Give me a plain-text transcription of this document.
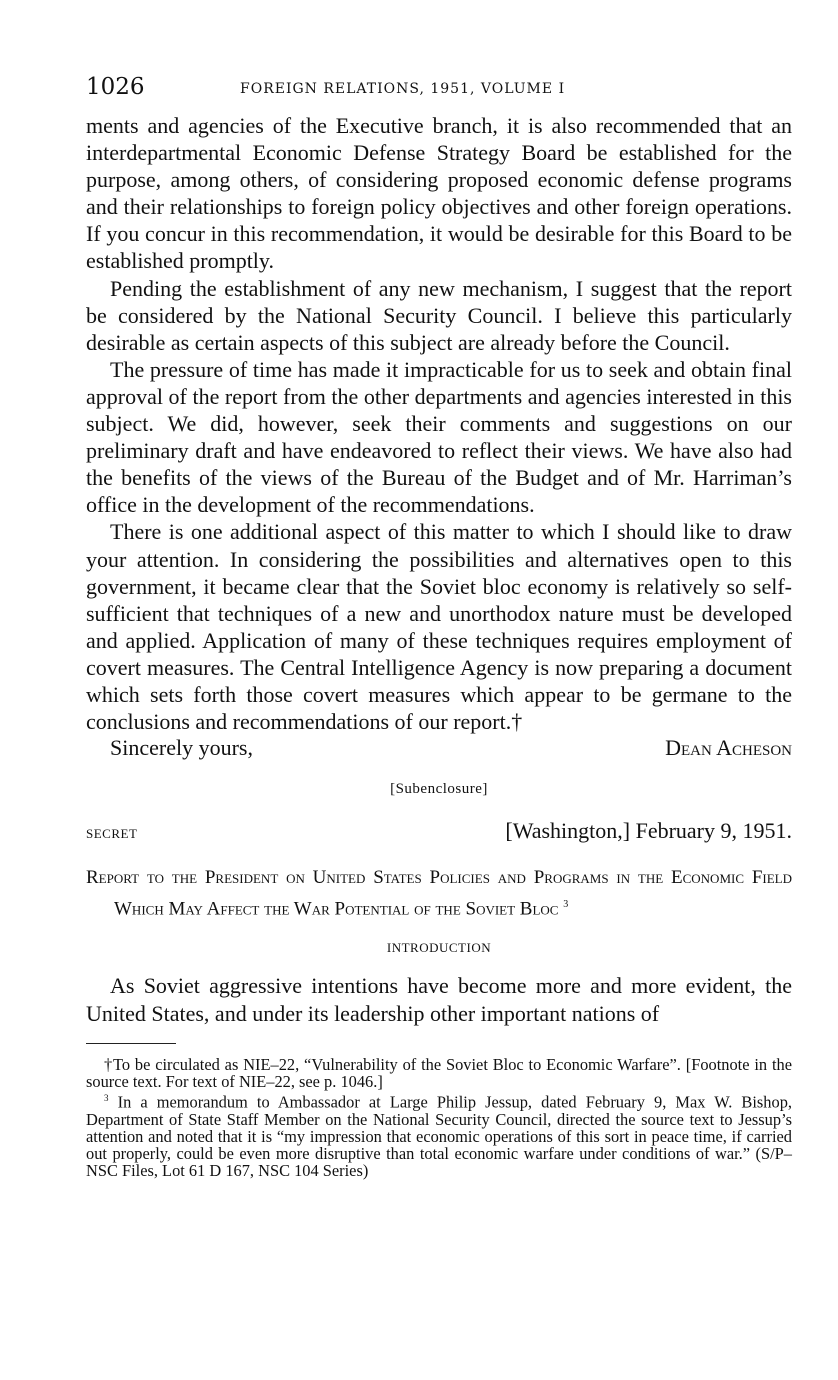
1026	FOREIGN RELATIONS, 1951, VOLUME I

ments and agencies of the Executive branch, it is also recommended that an interdepartmental Economic Defense Strategy Board be established for the purpose, among others, of considering proposed economic defense programs and their relationships to foreign policy objectives and other foreign operations. If you concur in this recommendation, it would be desirable for this Board to be established promptly.

Pending the establishment of any new mechanism, I suggest that the report be considered by the National Security Council. I believe this particularly desirable as certain aspects of this subject are already before the Council.

The pressure of time has made it impracticable for us to seek and obtain final approval of the report from the other departments and agencies interested in this subject. We did, however, seek their comments and suggestions on our preliminary draft and have endeavored to reflect their views. We have also had the benefits of the views of the Bureau of the Budget and of Mr. Harriman’s office in the development of the recommendations.

There is one additional aspect of this matter to which I should like to draw your attention. In considering the possibilities and alternatives open to this government, it became clear that the Soviet bloc economy is relatively so self-sufficient that techniques of a new and unorthodox nature must be developed and applied. Application of many of these techniques requires employment of covert measures. The Central Intelligence Agency is now preparing a document which sets forth those covert measures which appear to be germane to the conclusions and recommendations of our report.†

Sincerely yours,	Dean Acheson
[Subenclosure]
SECRET	[Washington,] February 9, 1951.
Report to the President on United States Policies and Programs in the Economic Field Which May Affect the War Potential of the Soviet Bloc $^3$
INTRODUCTION

As Soviet aggressive intentions have become more and more evident, the United States, and under its leadership other important nations of

†To be circulated as NIE–22, “Vulnerability of the Soviet Bloc to Economic Warfare”. [Footnote in the source text. For text of NIE–22, see p. 1046.]

$^3$ In a memorandum to Ambassador at Large Philip Jessup, dated February 9, Max W. Bishop, Department of State Staff Member on the National Security Council, directed the source text to Jessup’s attention and noted that it is “my impression that economic operations of this sort in peace time, if carried out properly, could be even more disruptive than total economic warfare under conditions of war.” (S/P–NSC Files, Lot 61 D 167, NSC 104 Series)
